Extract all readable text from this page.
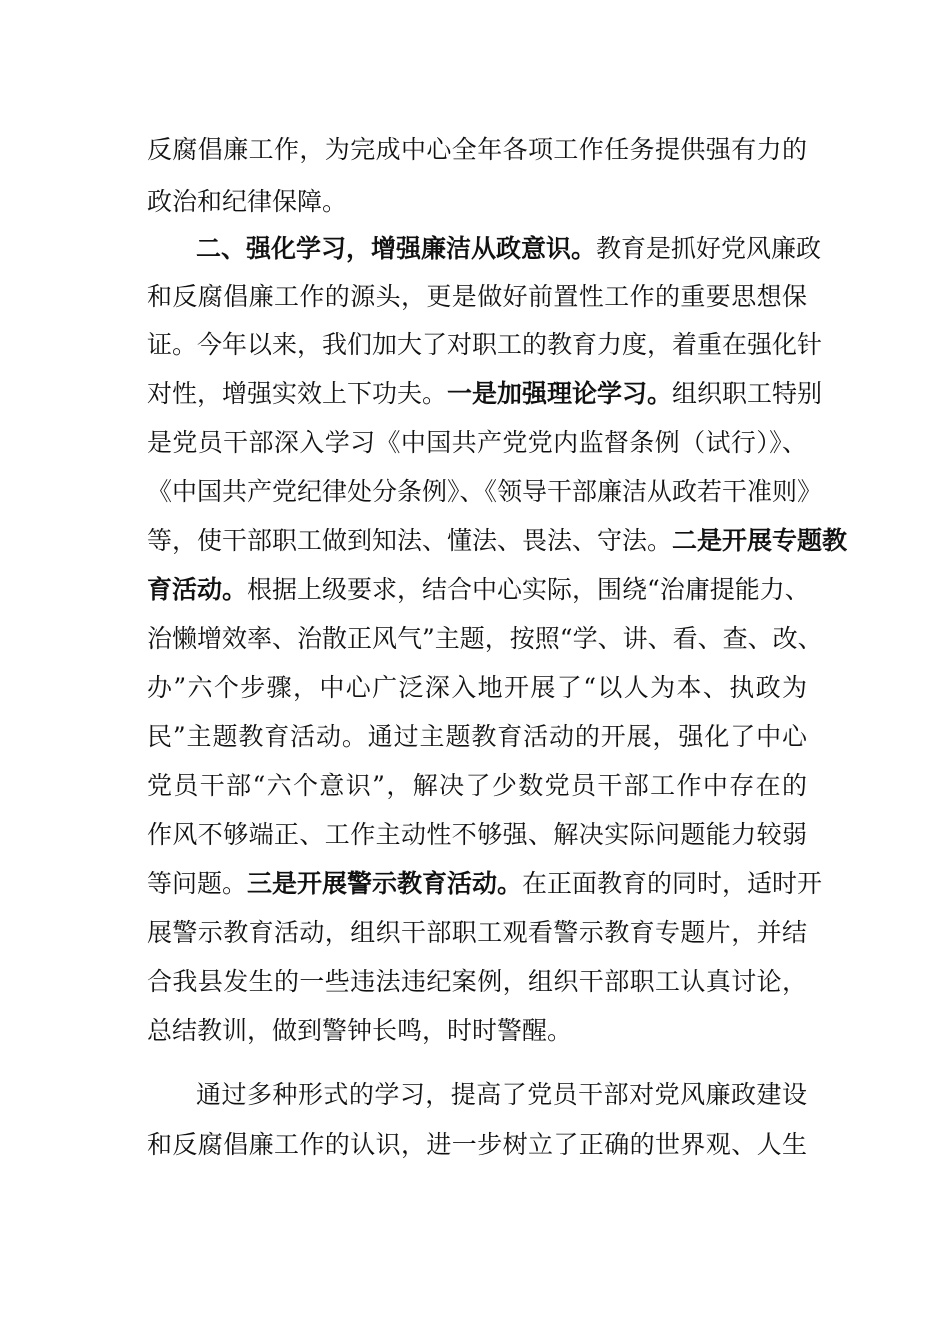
反腐倡廉工作，为完成中心全年各项工作任务提供强有力的
政治和纪律保障。
二、强化学习，增强廉洁从政意识。教育是抓好党风廉政
和反腐倡廉工作的源头，更是做好前置性工作的重要思想保
证。今年以来，我们加大了对职工的教育力度，着重在强化针
对性，增强实效上下功夫。一是加强理论学习。组织职工特别
是党员干部深入学习《中国共产党党内监督条例（试行）》、
《中国共产党纪律处分条例》、《领导干部廉洁从政若干准则》
等，使干部职工做到知法、懂法、畏法、守法。二是开展专题教
育活动。根据上级要求，结合中心实际，围绕“治庸提能力、
治懒增效率、治散正风气”主题，按照“学、讲、看、查、改、
办”六个步骤，中心广泛深入地开展了“以人为本、执政为
民”主题教育活动。通过主题教育活动的开展，强化了中心
党员干部“六个意识”，解决了少数党员干部工作中存在的
作风不够端正、工作主动性不够强、解决实际问题能力较弱
等问题。三是开展警示教育活动。在正面教育的同时，适时开
展警示教育活动，组织干部职工观看警示教育专题片，并结
合我县发生的一些违法违纪案例，组织干部职工认真讨论，
总结教训，做到警钟长鸣，时时警醒。
通过多种形式的学习，提高了党员干部对党风廉政建设
和反腐倡廉工作的认识，进一步树立了正确的世界观、人生
